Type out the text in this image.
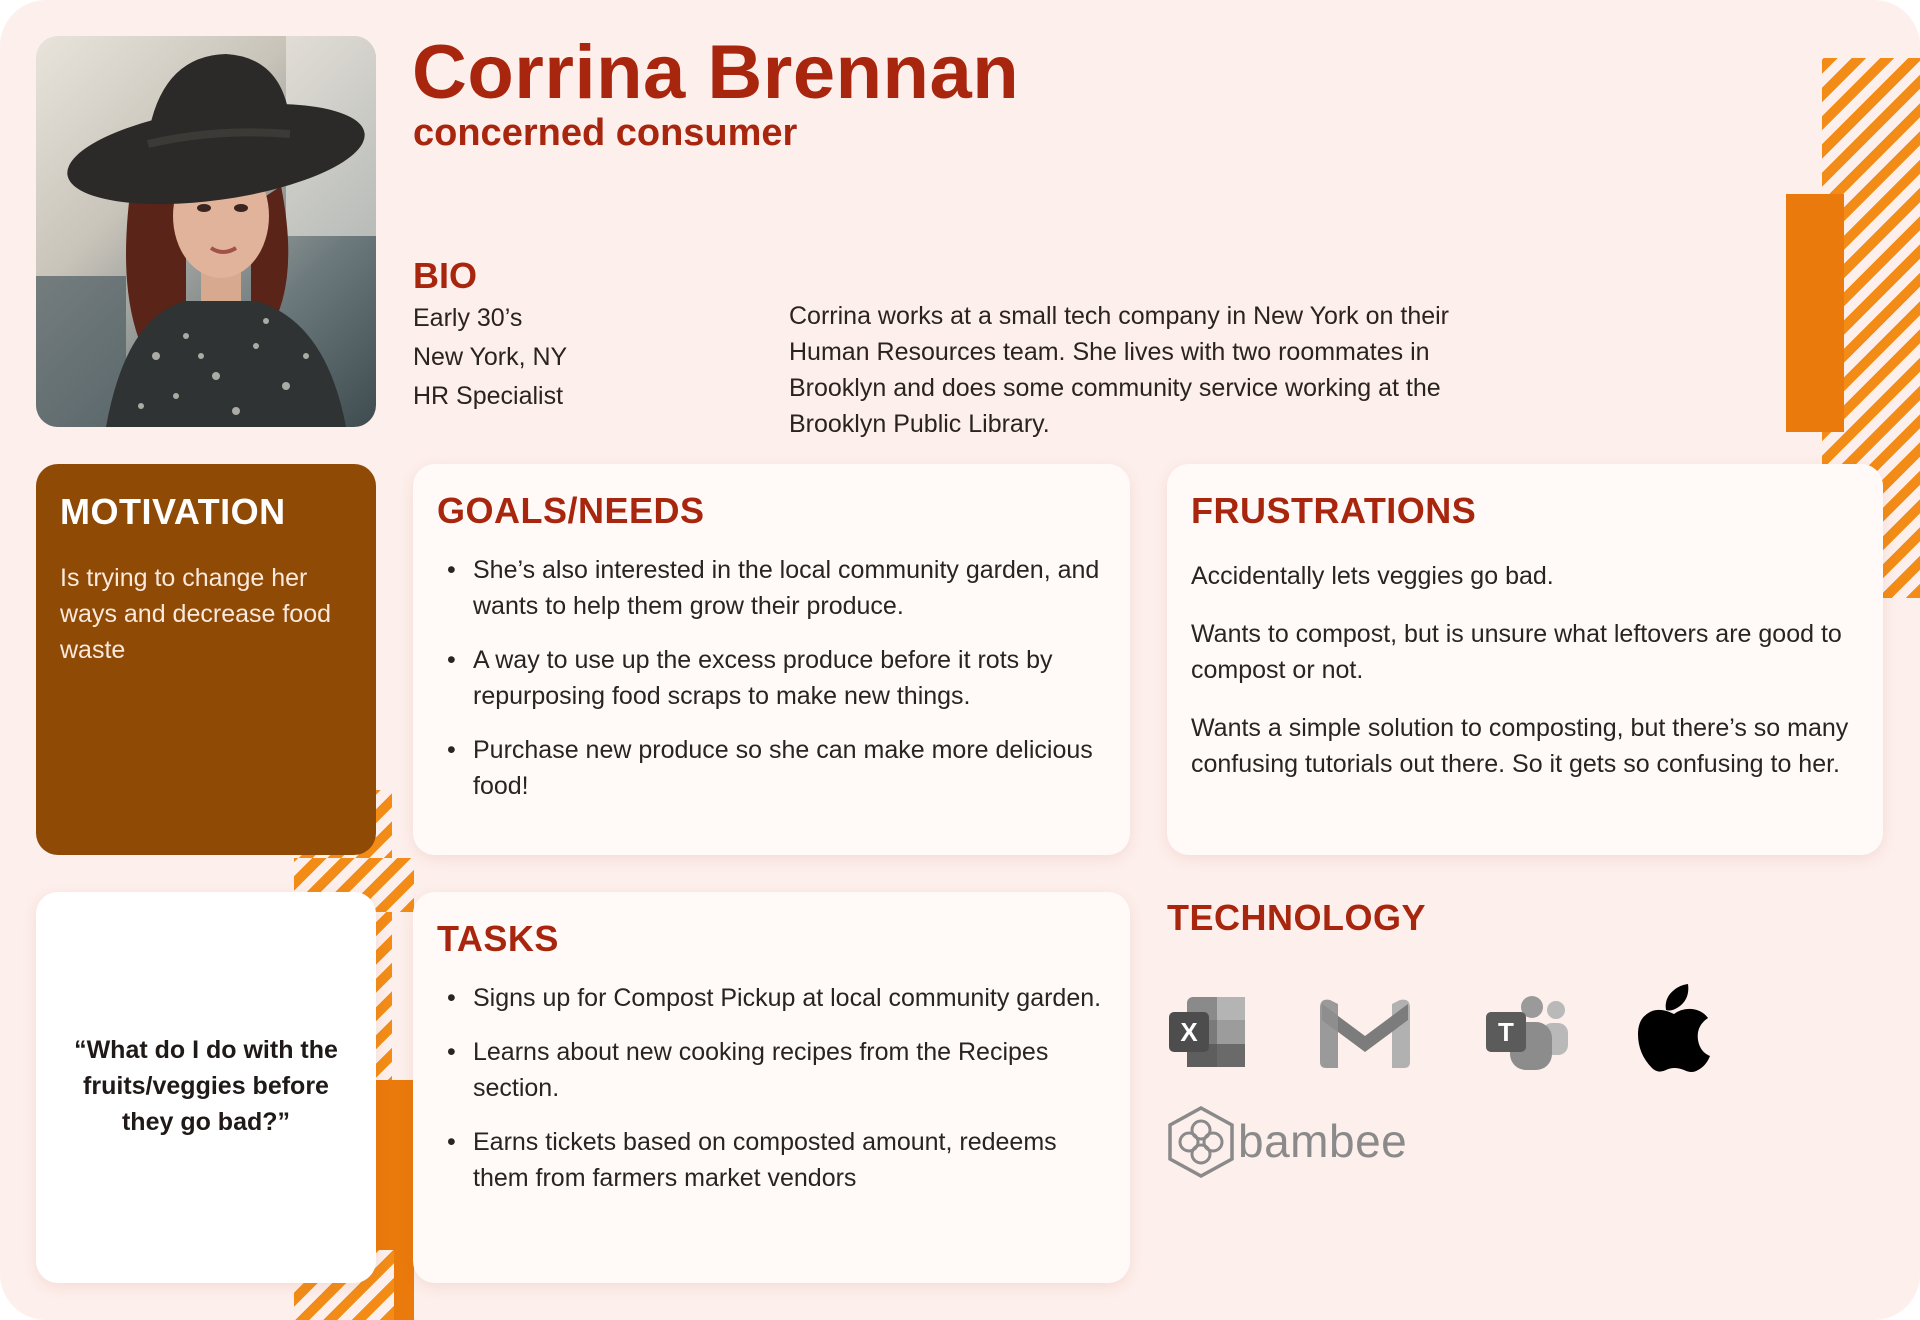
Corrina Brennan
concerned consumer
BIO
Early 30’s
New York, NY
HR Specialist
Corrina works at a small tech company in New York on their Human Resources team. She lives with two roommates in Brooklyn and does some community service working at the Brooklyn Public Library.
MOTIVATION
Is trying to change her ways and decrease food waste
GOALS/NEEDS
• She’s also interested in the local community garden, and wants to help them grow their produce.
• A way to use up the excess produce before it rots by repurposing food scraps to make new things.
• Purchase new produce so she can make more delicious food!
FRUSTRATIONS

Accidentally lets veggies go bad.

Wants to compost, but is unsure what leftovers are good to compost or not.

Wants a simple solution to composting, but there’s so many confusing tutorials out there. So it gets so confusing to her.

“What do I do with the fruits/veggies before they go bad?”
TASKS
• Signs up for Compost Pickup at local community garden.
• Learns about new cooking recipes from the Recipes section.
• Earns tickets based on composted amount, redeems them from farmers market vendors
TECHNOLOGY
X	T
bambee
